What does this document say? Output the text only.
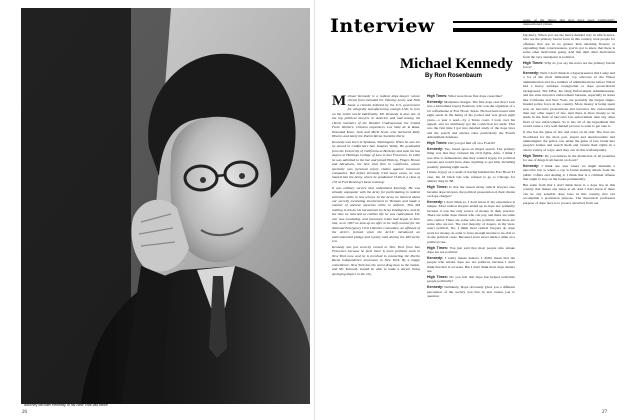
Jim Wright
Attorney Michael Kennedy in his New York law office.
26
Interview
Michael Kennedy
By Ron Rosenbaum

Michael Kennedy is a radical dope-lawyer whose clients from included Dr. Timothy Leary and Nick Sand, a chemist indicted by the U.S. government for allegedly manufacturing enough LSD to turn on the entire world indefinitely. Mr. Kennedy is also one of the top political lawyers in America and had among his clients members of the Weather Underground, the United Farm Workers, Chicano organizers, Los Siete de la Raza, Wounded Knee, Jack and Micki Scott, who harbored Patty Hearst, and lately the Puerto Rican Socialist Party.

Kennedy was born in Spokane, Washington. When he was ten he moved to California's San Joaquin Valley. He graduated from the University of California at Berkeley and took his law degree at Hastings College of Law in San Francisco. In 1962 he was admitted to the bar and joined Hoberg, Finger, Brown and Abramson, the best trial firm in California, whose specialty was personal injury claims against insurance companies. But before Kennedy tried many cases, he was hauled into the Army, where he graduated 134th in a class of 155 at Fort Benning's basic training.

It was military service that radicalized Kennedy. He was already unpopular with the Army for participating in radical activities while in law school. In the Army he learned about our secretly escalating involvement in Vietnam and made a number of antiwar speeches while in uniform. This did nothing to lessen his harassment by Army Intelligence, and by the time he returned to civilian life he was radicalized. The war was escalating, and insurance trials had begun to bore him, so in 1967 he took up an offer to be staff counsel for the National Emergency Civil Liberties Committee, an offshoot of the ACLU, formed when the ACLU introduced an anticommunist pledge and loyalty oath during the McCarthy era.

Kennedy has put security moved to New York from San Francisco because he feels there is more political work in New York now, and he is involved in counseling the Puerto Rican independence movement in New York. By a happy coincidence, New York has the worst drug laws in the nation, and Mr. Kennedy should be able to make a decent living springing dopers in the city.

High Times: What were those first dope cases like?

Kennedy: Marijuana charges. The first dope case that I took was a kid named Gypsy Peterson, who was the organizer of a GI coffeehouse at Fort Hood, Texas. He had been found with eight seeds in the lining of his pocket and was given eight years—a year a seed—by a Texas court. I took over his appeal, and we ultimately got the conviction set aside. That was the first time I got into detailed study of the dope laws and the search and seizure rules particularly the Fourth Amendment defenses.

High Times: Did you get him off on a Fourth?

Kennedy: Yes, based upon an illegal search. The primary thing was that they violated his civil rights. Also, I think I was able to demonstrate that they wanted Gypsy for political reasons and would have done anything to get him, including possibly planting eight seeds.

I knew Gypsy as a result of having handled the Fort Hood 43 case, the 43 black GIs who refused to go to Chicago for antiriot duty in '68.

High Times: Is that the reason many radical lawyers also became dope lawyers, the political prosecution of their clients on dope charges?

Kennedy: I don't think so. I don't know if my experience is unique. Most radical lawyers ended up in dope law primarily because it was the only source of money in their practice. There are some dope clients who can pay, and there are some who cannot. There are some who are political, and there are some who are not. The vast majority of dopers, in my view, aren't political. No, I think most radical lawyers do dope work for money, in order to have enough income to be able to do the political cases. Because I have never made a dime on a political case.

High Times: You just said that most people who smoke dope are not political.

Kennedy: I really meant dealers. I didn't mean that the people who smoke dope are not political, because I don't think that that is accurate. But I don't think most dope dealers are.

High Times: Do you feel that dope has helped radicalize people politically?

Kennedy: Definitely. Dope obviously gives you a different perception of the society you live in and causes you to question

some of the things that may have been traditionally unquestioned values.

The other thing is getting busted—that can radicalize you in a big hurry. When you are the heavy-handed way in which narcs, who are the primary fascist force in this country, treat people for offenses that are in no greater than smoking flowers or expanding their consciousness, you've got to know that there is some other motivation going. And that their other motivation from the very standpoint is political.

High Times: Why do you say the narcs are the primary fascist force?

Kennedy: Well, I don't think in a hyperpresence that Lasky and a lot of the most influential cop advocate in the Nixon administration and in a number of administrations before Nixon had a heavy antidope background or dope prosecutorial background. The DEA, the Drug Enforcement Administration, and the state narcotics enforcement bureaus, especially in states like California and New York, are probably the largest single-funded police force in the country. More money is being spent now on narcotics prosecutions and narcotics law enforcement than any other aspect of law. And there is more money to be made in the field of narcotics law enforcement than any other field of law enforcement. So it has all of the ingredients that would cause a very well-funded process to want to get onto it.

It also has the guise of law and order on its side. The laws are ill-advised for the most part, stupid and unenforceable and unintelligent; the police can, under the guise of law, break into people's homes and search them and violate their rights in a whole variety of ways. And they can do this with impunity.

High Times: Do you believe in the distinction of all penalties for use of drugs from heroin on down?

Kennedy: I think one area where we might maintain a narcotics law is where a cop is found stealing smack from the public coffers and dealing it. I think that is a criminal offense that ought to stay on the books permanently.

But aside from that I don't think there is a dope law in this country that makes any sense at all. And I don't know if there can be any sensible dope laws in this country that can accomplish a profession purpose. The theoretical profession purpose of dope laws is to protect ourselves from our

27
